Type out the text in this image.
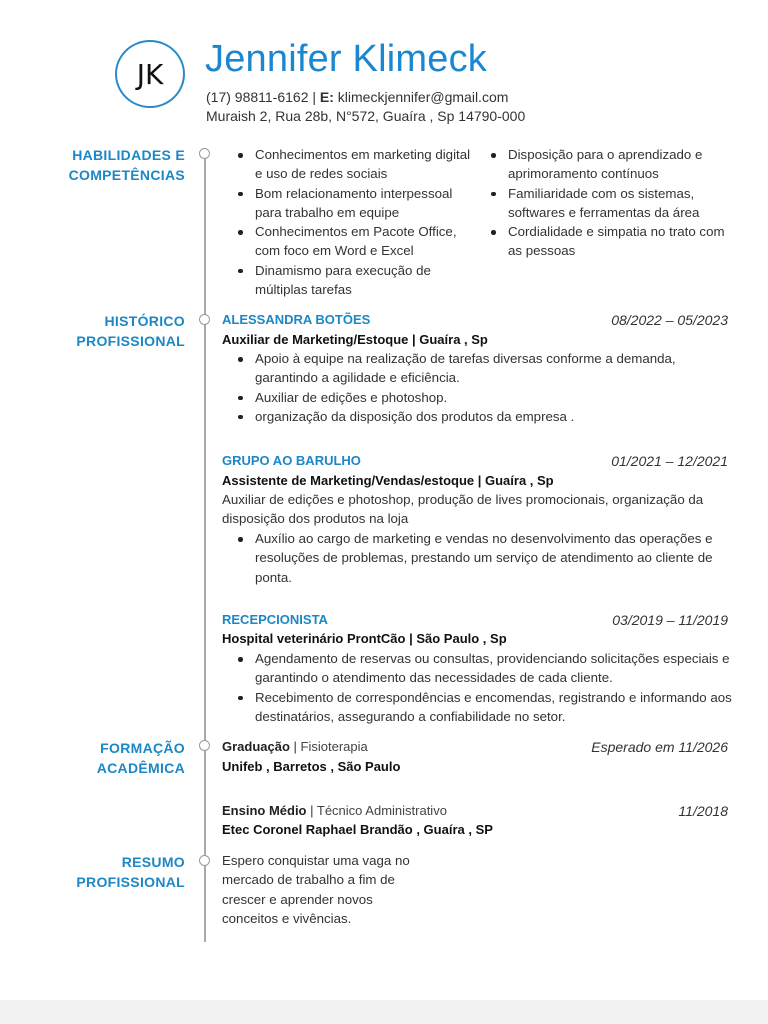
JK Jennifer Klimeck
(17) 98811-6162 | E: klimeckjennifer@gmail.com
Muraish 2, Rua 28b, N°572, Guaíra , Sp 14790-000
HABILIDADES E
COMPETÊNCIAS
Conhecimentos em marketing digital e uso de redes sociais
Bom relacionamento interpessoal para trabalho em equipe
Conhecimentos em Pacote Office, com foco em Word e Excel
Dinamismo para execução de múltiplas tarefas
Disposição para o aprendizado e aprimoramento contínuos
Familiaridade com os sistemas, softwares e ferramentas da área
Cordialidade e simpatia no trato com as pessoas
HISTÓRICO
PROFISSIONAL
ALESSANDRA BOTÕES	08/2022 – 05/2023
Auxiliar de Marketing/Estoque | Guaíra , Sp
Apoio à equipe na realização de tarefas diversas conforme a demanda, garantindo a agilidade e eficiência.
Auxiliar de edições e photoshop.
organização da disposição dos produtos da empresa .
GRUPO AO BARULHO	01/2021 – 12/2021
Assistente de Marketing/Vendas/estoque | Guaíra , Sp
Auxiliar de edições e photoshop, produção de lives promocionais, organização da disposição dos produtos na loja
Auxílio ao cargo de marketing e vendas no desenvolvimento das operações e resoluções de problemas, prestando um serviço de atendimento ao cliente de ponta.
RECEPCIONISTA	03/2019 – 11/2019
Hospital veterinário ProntCão | São Paulo , Sp
Agendamento de reservas ou consultas, providenciando solicitações especiais e garantindo o atendimento das necessidades de cada cliente.
Recebimento de correspondências e encomendas, registrando e informando aos destinatários, assegurando a confiabilidade no setor.
FORMAÇÃO
ACADÊMICA
Graduação | Fisioterapia	Esperado em 11/2026
Unifeb , Barretos , São Paulo
Ensino Médio | Técnico Administrativo	11/2018
Etec Coronel Raphael Brandão , Guaíra , SP
RESUMO
PROFISSIONAL
Espero conquistar uma vaga no mercado de trabalho a fim de crescer e aprender novos conceitos e vivências.
